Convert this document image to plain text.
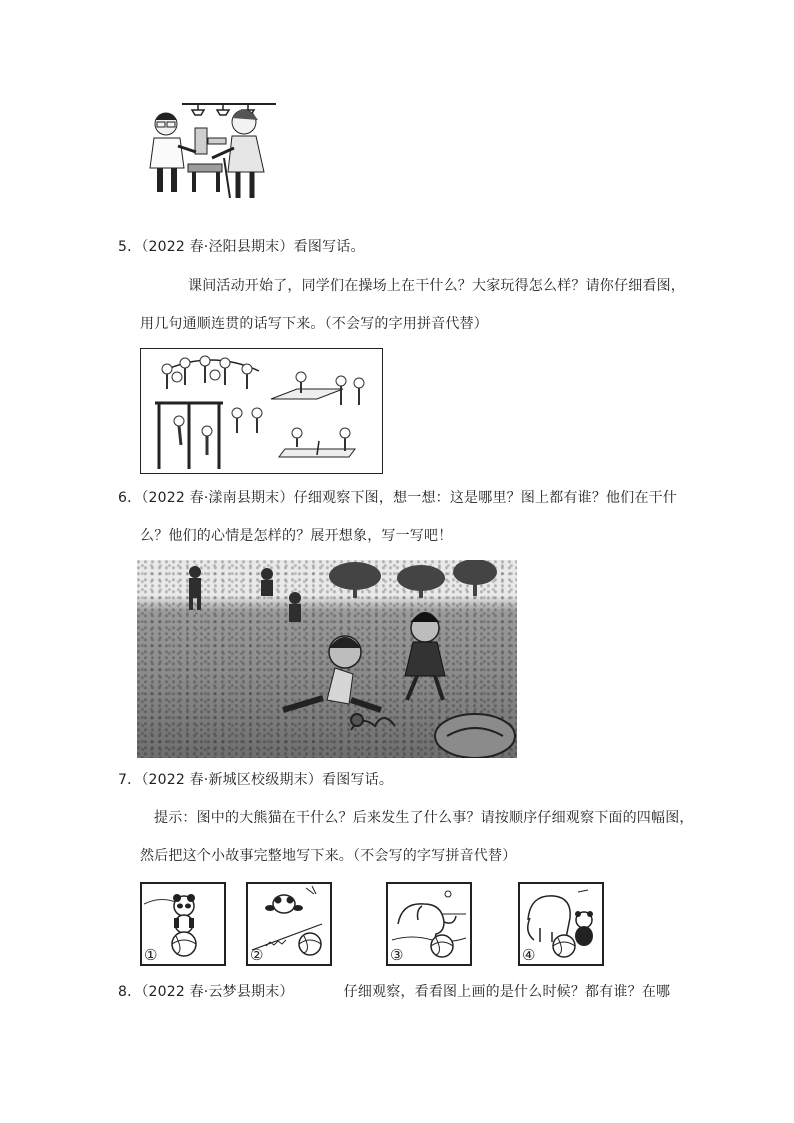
5．（2022 春·泾阳县期末）看图写话。
课间活动开始了，同学们在操场上在干什么？大家玩得怎么样？请你仔细看图，
用几句通顺连贯的话写下来。（不会写的字用拼音代替）
6．（2022 春·漾南县期末）仔细观察下图，想一想：这是哪里？图上都有谁？他们在干什
么？他们的心情是怎样的？展开想象，写一写吧！
7．（2022 春·新城区校级期末）看图写话。
提示：图中的大熊猫在干什么？后来发生了什么事？请按顺序仔细观察下面的四幅图，
然后把这个小故事完整地写下来。（不会写的字写拼音代替）
①	②	③	④
8．（2022 春·云梦县期末）	仔细观察，看看图上画的是什么时候？都有谁？在哪
